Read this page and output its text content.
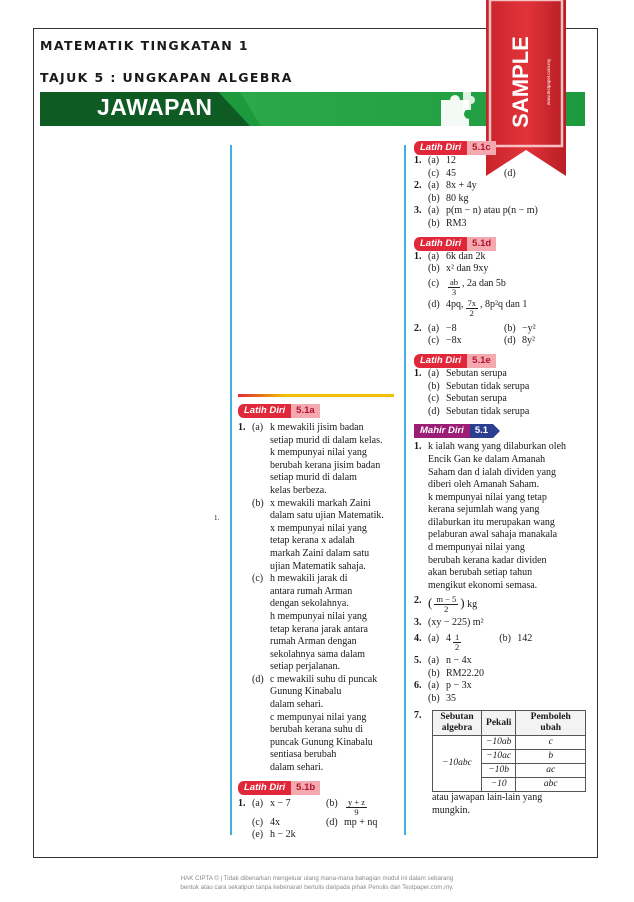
MATEMATIK TINGKATAN 1
TAJUK 5 : UNGKAPAN ALGEBRA
JAWAPAN	SAMPLE	www.testpaper.com.my
1.
Latih Diri	5.1a
1. (a) k mewakili jisim badan
setiap murid di dalam kelas.
k mempunyai nilai yang
berubah kerana jisim badan
setiap murid di dalam
kelas berbeza.
(b) x mewakili markah Zaini
dalam satu ujian Matematik.
x mempunyai nilai yang
tetap kerana x adalah
markah Zaini dalam satu
ujian Matematik sahaja.
(c) h mewakili jarak di
antara rumah Arman
dengan sekolahnya.
h mempunyai nilai yang
tetap kerana jarak antara
rumah Arman dengan
sekolahnya sama dalam
setiap perjalanan.
(d) c mewakili suhu di puncak
Gunung Kinabalu
dalam sehari.
c mempunyai nilai yang
berubah kerana suhu di
puncak Gunung Kinabalu
sentiasa berubah
dalam sehari.
Latih Diri	5.1b
1. (a) x − 7	$(b) \frac{y + z}{9}$
(c) 4x	(d) mp + nq
(e) h − 2k
Latih Diri	5.1c
1. (a) 12
(c) 45	(d)
2. (a) 8x + 4y
(b) 80 kg
3. (a) p(m − n) atau p(n − m)
(b) RM3
Latih Diri	5.1d
1. (a) 6k dan 2k
(b) x² dan 9xy
(c)	$\frac{ab}{3}$ , 2a dan 5b
(d) 4pq, $\frac{7x}{2}$ , 8p²q dan 1
2. (a) −8	(b) −y²
(c) −8x	(d) 8y²
Latih Diri	5.1e
1. (a) Sebutan serupa
(b) Sebutan tidak serupa
(c) Sebutan serupa
(d) Sebutan tidak serupa
Mahir Diri	5.1
1. k ialah wang yang dilaburkan oleh
Encik Gan ke dalam Amanah
Saham dan d ialah dividen yang
diberi oleh Amanah Saham.
k mempunyai nilai yang tetap
kerana sejumlah wang yang
dilaburkan itu merupakan wang
pelaburan awal sahaja manakala
d mempunyai nilai yang
berubah kerana kadar dividen
akan berubah setiap tahun
mengikut ekonomi semasa.
2. ( $\frac{m - 5}{2}$ ) kg
3. (xy − 225) m²
4. (a) $4 \frac{1}{2}$	(b) 142
5. (a) n − 4x
(b) RM22.20
6. (a) p − 3x
(b) 35
7.	Sebutan algebra	Pekali	Pemboleh ubah
−10abc	−10ab	c
	−10ac	b
	−10b	ac
	−10	abc
atau jawapan lain-lain yang
mungkin.
HAK CIPTA © | Tidak dibenarkan mengeluar ulang mana-mana bahagian modul ini dalam sebarang
bentuk atau cara sekalipun tanpa kebenaran bertulis daripada pihak Penulis dan Testpaper.com.my.
